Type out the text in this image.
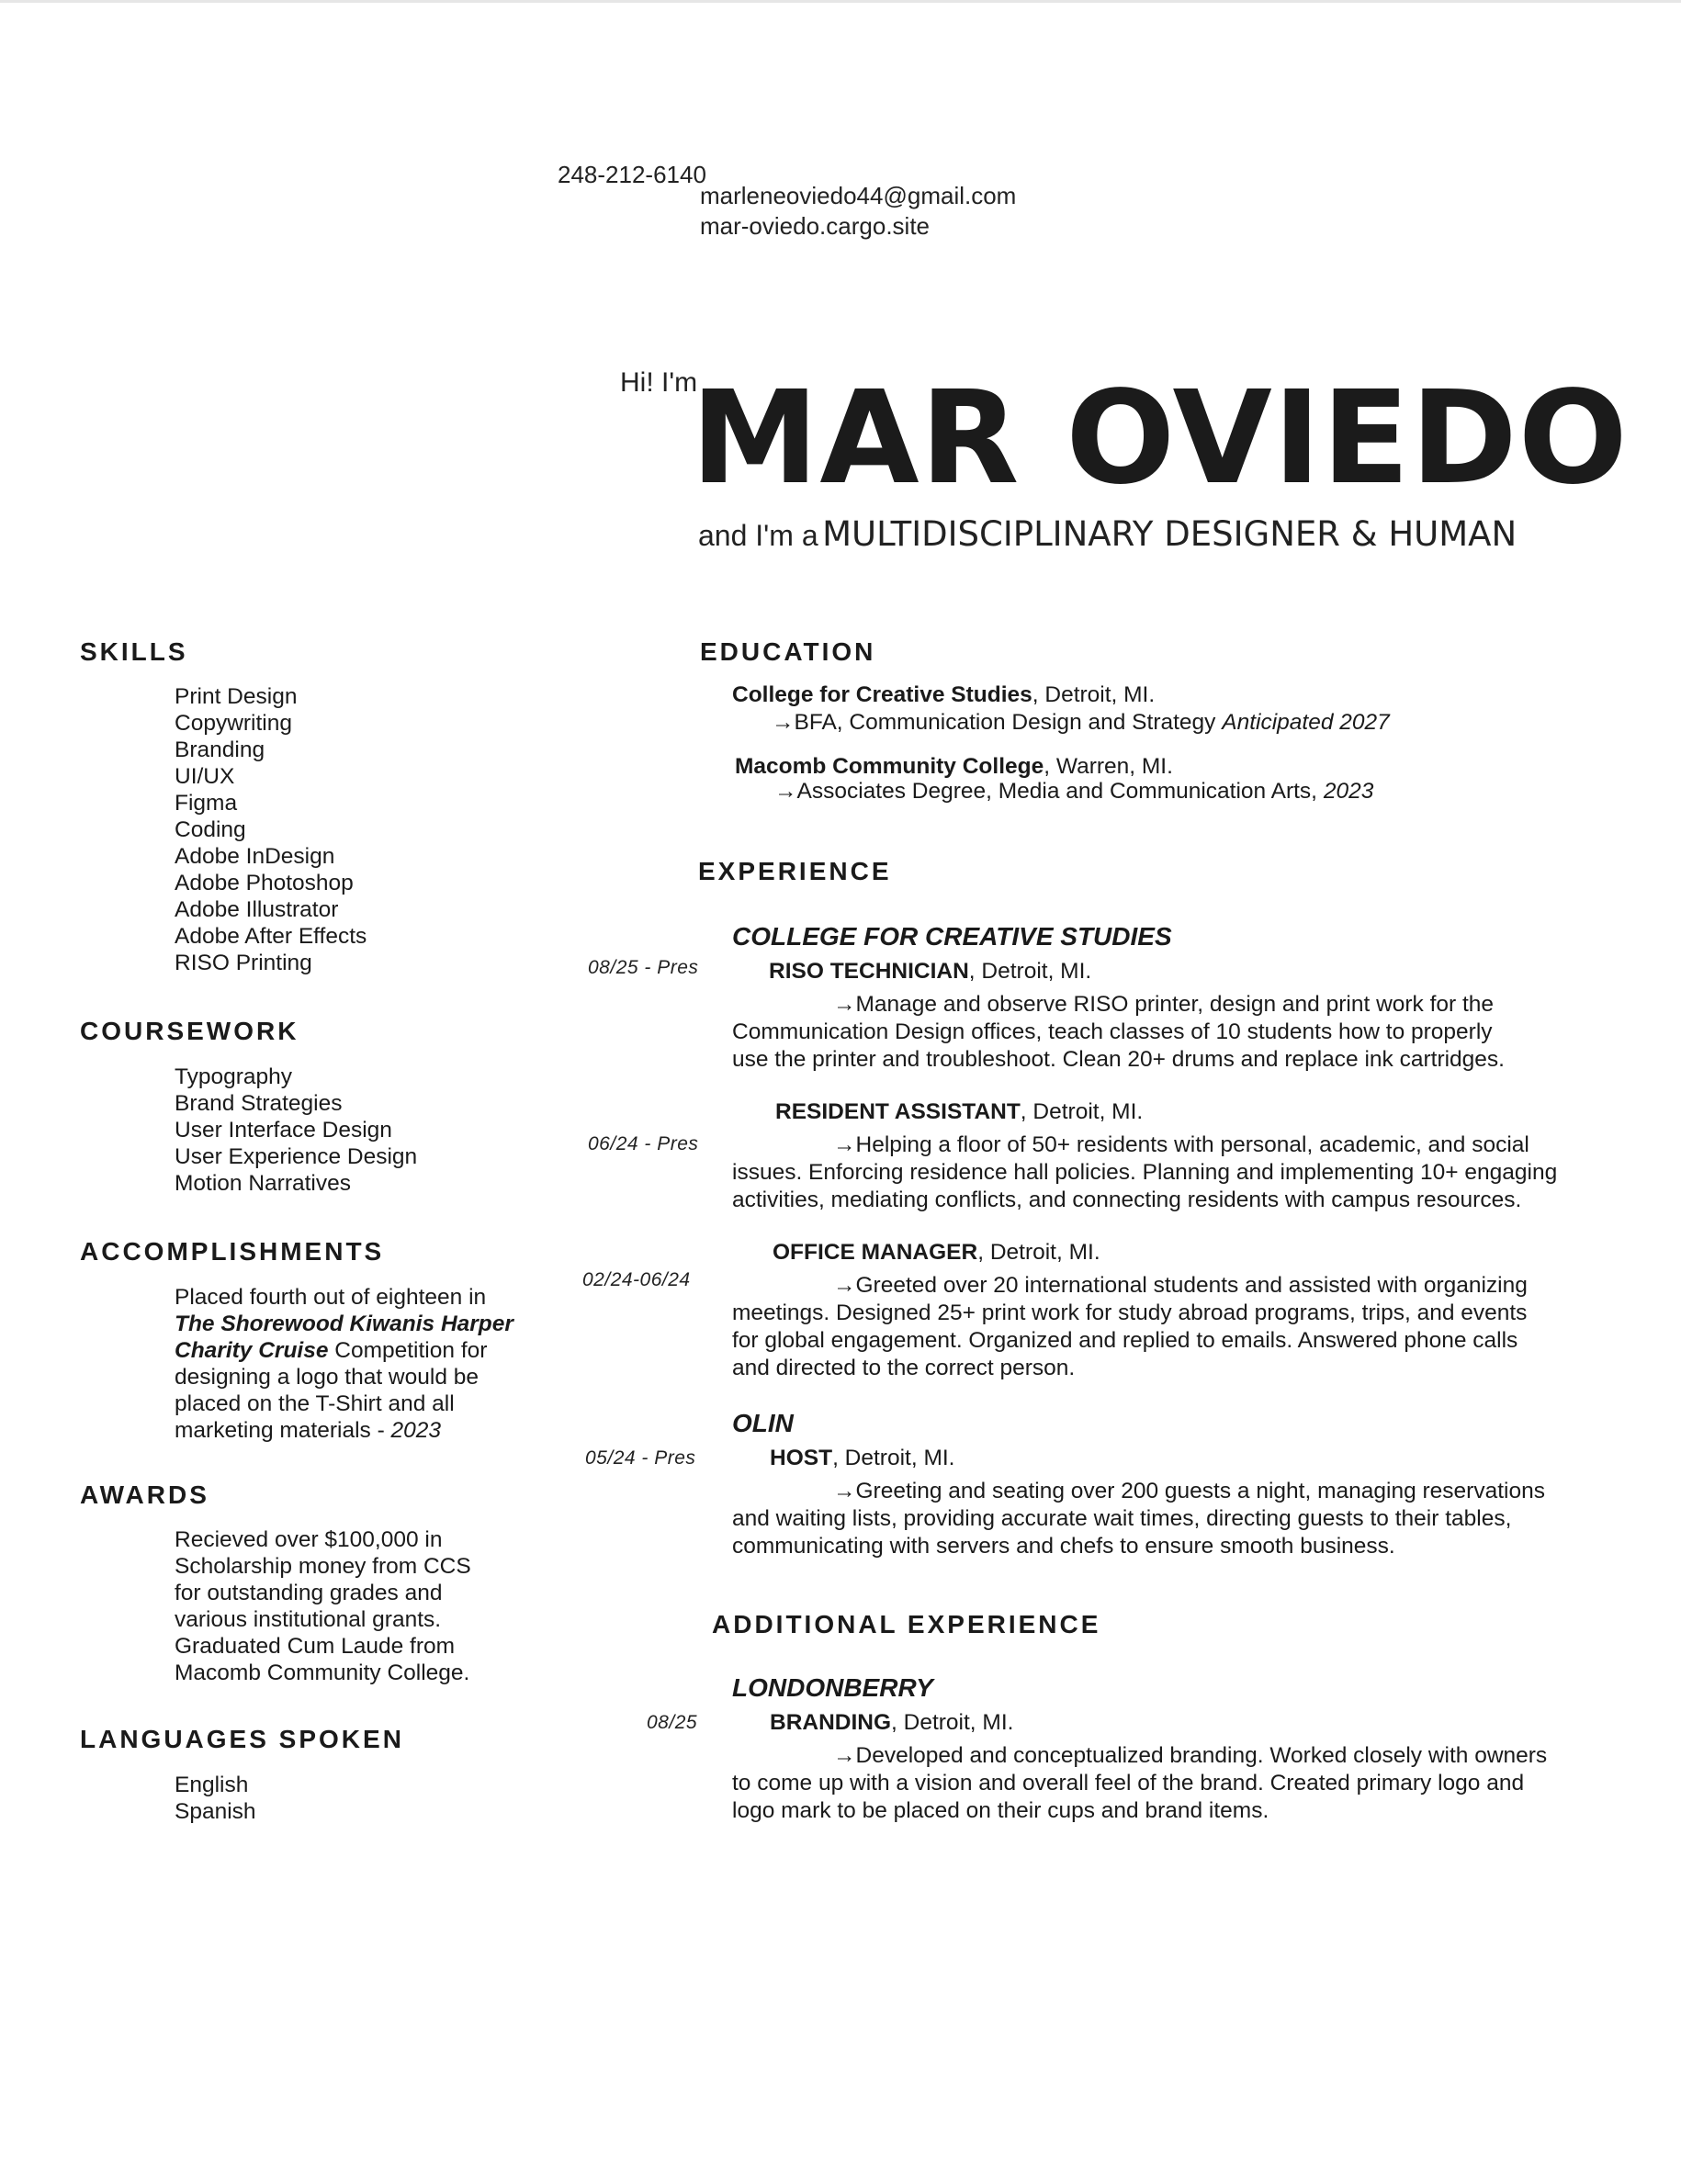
248-212-6140
marleneoviedo44@gmail.com
mar-oviedo.cargo.site
Hi! I'm
MAR OVIEDO
and I'm a MULTIDISCIPLINARY DESIGNER & HUMAN
SKILLS
Print Design
Copywriting
Branding
UI/UX
Figma
Coding
Adobe InDesign
Adobe Photoshop
Adobe Illustrator
Adobe After Effects
RISO Printing
COURSEWORK
Typography
Brand Strategies
User Interface Design
User Experience Design
Motion Narratives
ACCOMPLISHMENTS
Placed fourth out of eighteen in
The Shorewood Kiwanis Harper
Charity Cruise Competition for
designing a logo that would be
placed on the T-Shirt and all
marketing materials - 2023
AWARDS
Recieved over $100,000 in
Scholarship money from CCS
for outstanding grades and
various institutional grants.
Graduated Cum Laude from
Macomb Community College.
LANGUAGES SPOKEN
English
Spanish
EDUCATION
College for Creative Studies, Detroit, MI.
→BFA, Communication Design and Strategy Anticipated 2027
Macomb Community College, Warren, MI.
→Associates Degree, Media and Communication Arts, 2023
EXPERIENCE
COLLEGE FOR CREATIVE STUDIES
08/25 - Pres	RISO TECHNICIAN, Detroit, MI.
→Manage and observe RISO printer, design and print work for the
Communication Design offices, teach classes of 10 students how to properly
use the printer and troubleshoot. Clean 20+ drums and replace ink cartridges.
RESIDENT ASSISTANT, Detroit, MI.
06/24 - Pres	→Helping a floor of 50+ residents with personal, academic, and social
issues. Enforcing residence hall policies. Planning and implementing 10+ engaging
activities, mediating conflicts, and connecting residents with campus resources.
02/24-06/24
OFFICE MANAGER, Detroit, MI.
→Greeted over 20 international students and assisted with organizing
meetings. Designed 25+ print work for study abroad programs, trips, and events
for global engagement. Organized and replied to emails. Answered phone calls
and directed to the correct person.
OLIN
05/24 - Pres	HOST, Detroit, MI.
→Greeting and seating over 200 guests a night, managing reservations
and waiting lists, providing accurate wait times, directing guests to their tables,
communicating with servers and chefs to ensure smooth business.
ADDITIONAL EXPERIENCE
LONDONBERRY
08/25	BRANDING, Detroit, MI.
→Developed and conceptualized branding. Worked closely with owners
to come up with a vision and overall feel of the brand. Created primary logo and
logo mark to be placed on their cups and brand items.
